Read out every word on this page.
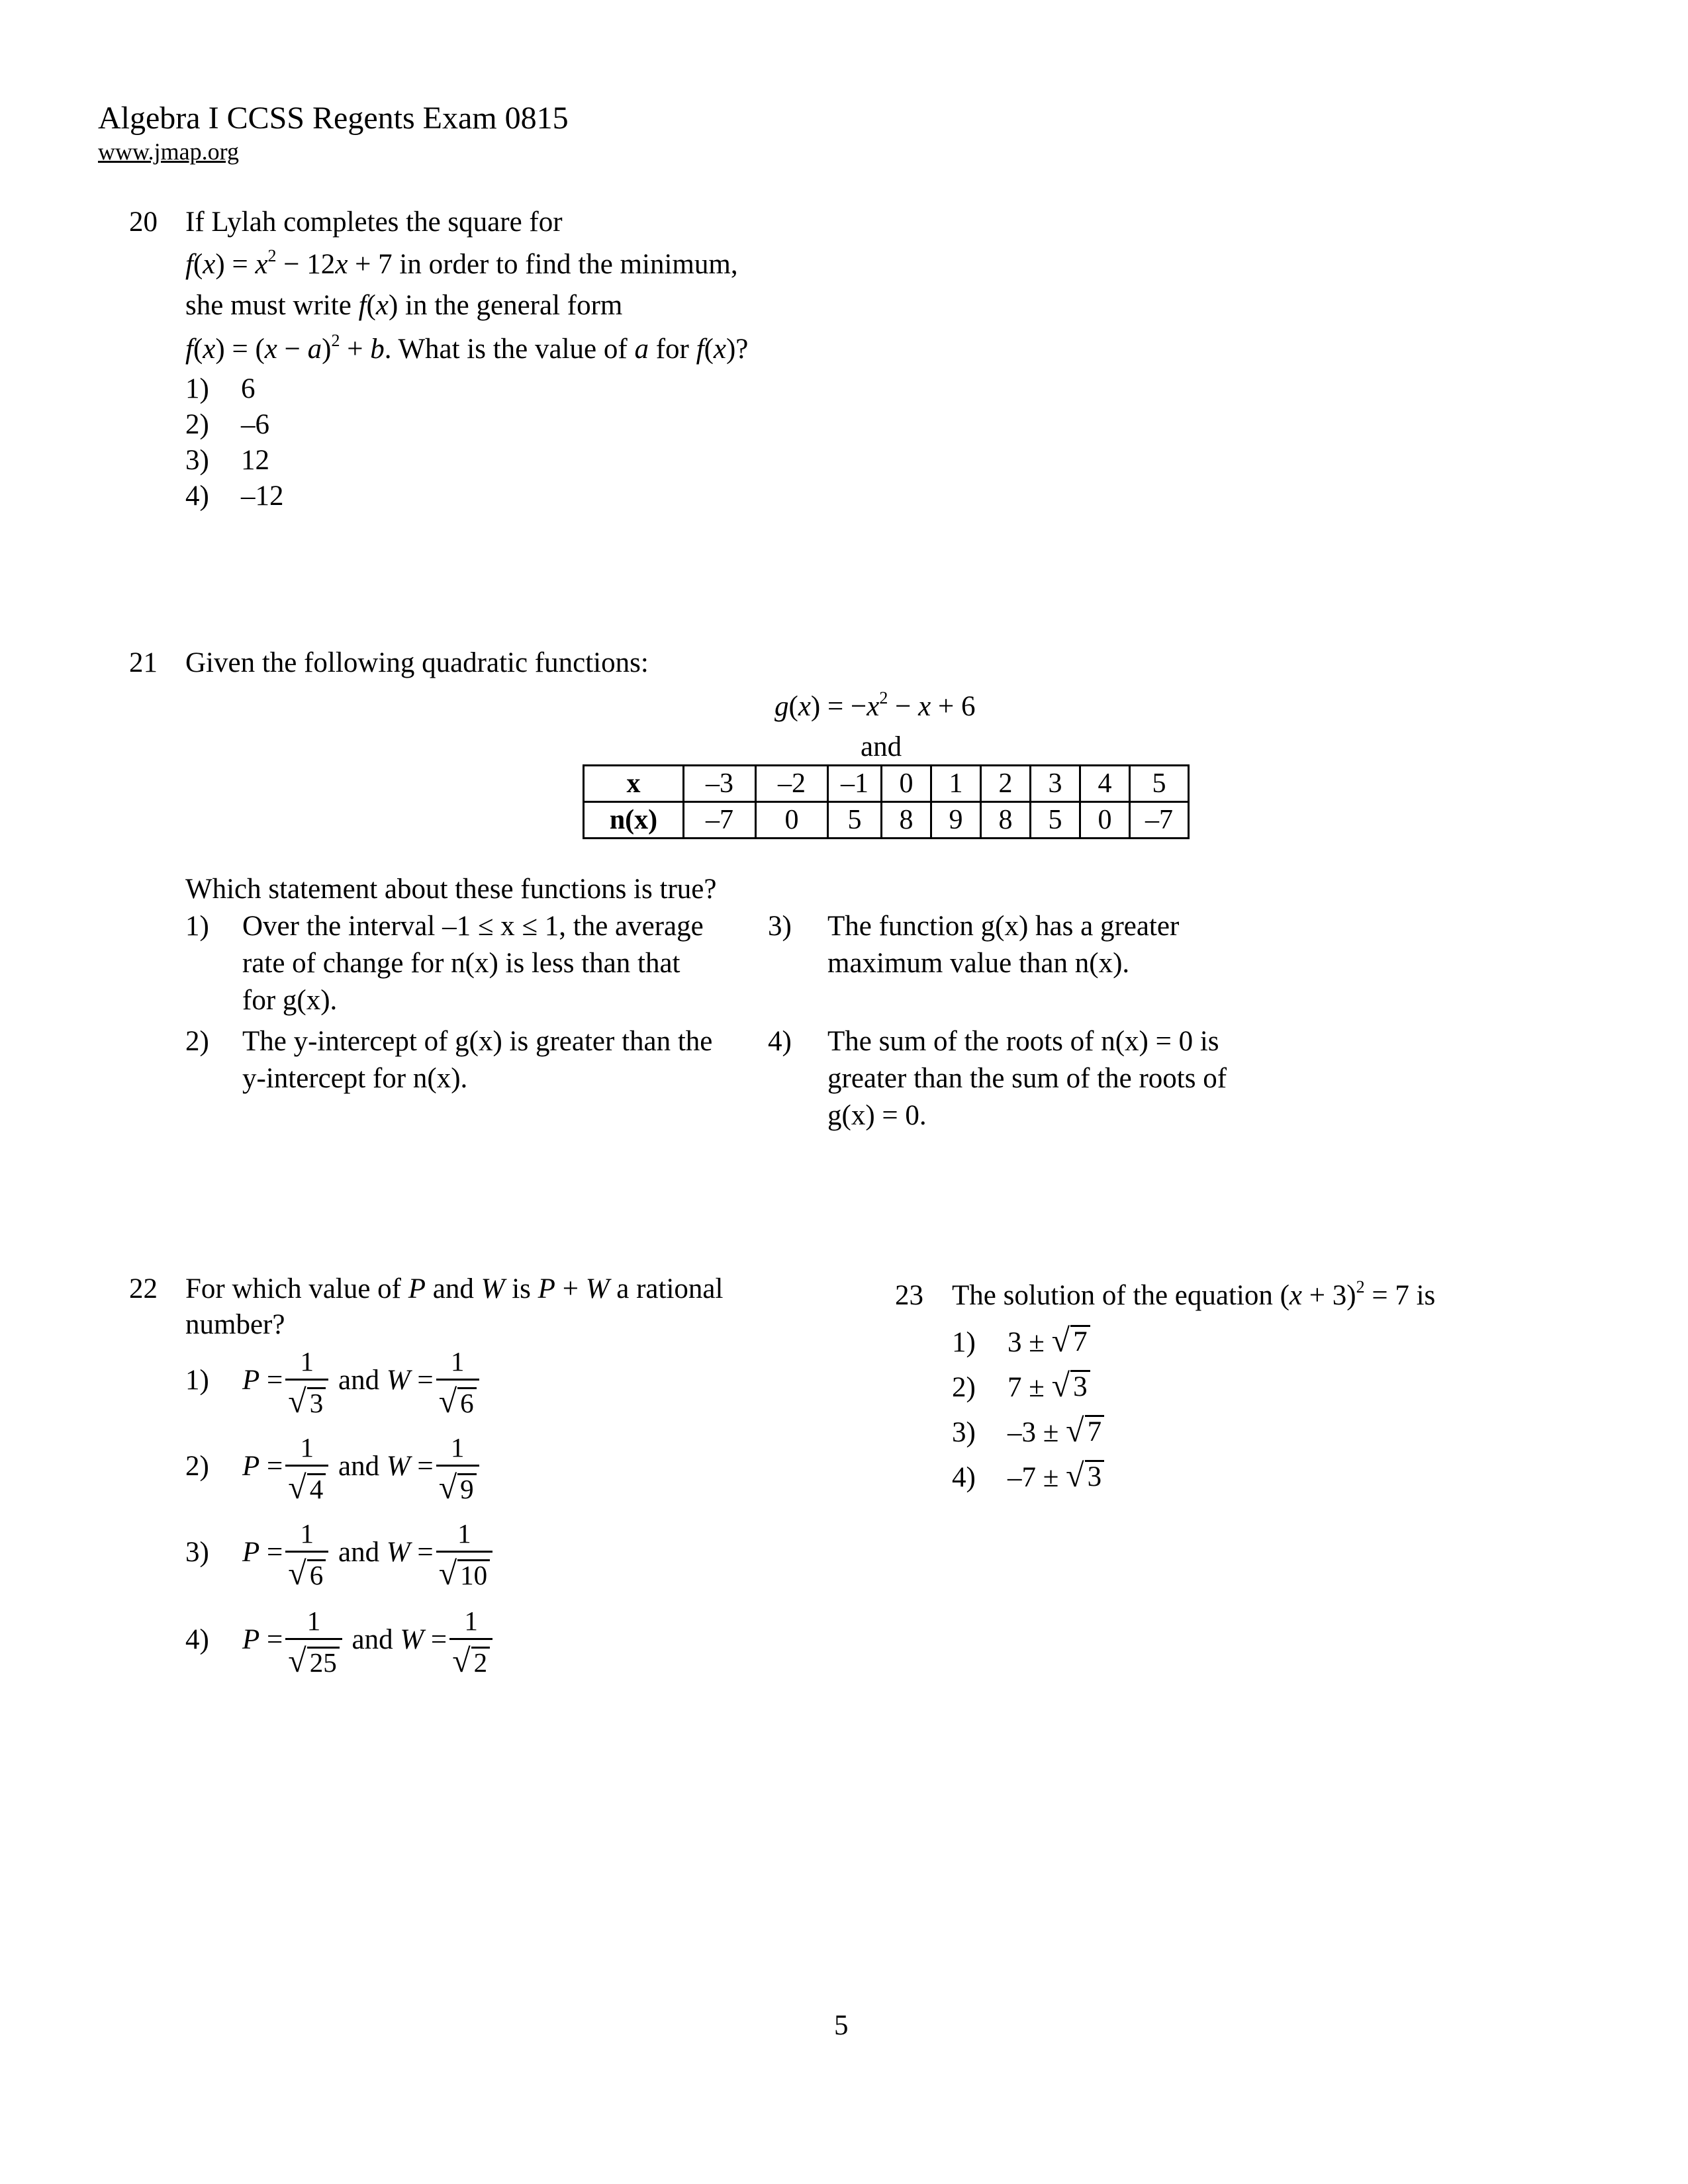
Algebra I CCSS Regents Exam 0815
www.jmap.org
20 If Lylah completes the square for
$f(x) = x^2 - 12x + 7$ in order to find the minimum,
she must write f(x) in the general form
$f(x) = (x - a)^2 + b$. What is the value of a for f(x)?
1) 6
2) –6
3) 12
4) –12
21 Given the following quadratic functions:
$g(x) = -x^2 - x + 6$
and
x	–3	–2	–1	0	1	2	3	4	5
n(x)	–7	0	5	8	9	8	5	0	–7
Which statement about these functions is true?
1) Over the interval –1 ≤ x ≤ 1, the average
rate of change for n(x) is less than that
for g(x).
2) The y-intercept of g(x) is greater than the
y-intercept for n(x).
3) The function g(x) has a greater
maximum value than n(x).
4) The sum of the roots of n(x) = 0 is
greater than the sum of the roots of
g(x) = 0.
22 For which value of P and W is P + W a rational
number?
1) $P = \frac{1}{√ 3}$ and $W = \frac{1}{√ 6}$
2) $P = \frac{1}{√ 4}$ and $W = \frac{1}{√ 9}$
3) $P = \frac{1}{√ 6}$ and $W = \frac{1}{√ 10}$
4) $P = \frac{1}{√ 25}$ and $W = \frac{1}{√ 2}$
23 The solution of the equation $(x + 3)^2 = 7$ is
1) 3 ± √ 7
2) 7 ± √ 3
3) –3 ± √ 7
4) –7 ± √ 3
5
